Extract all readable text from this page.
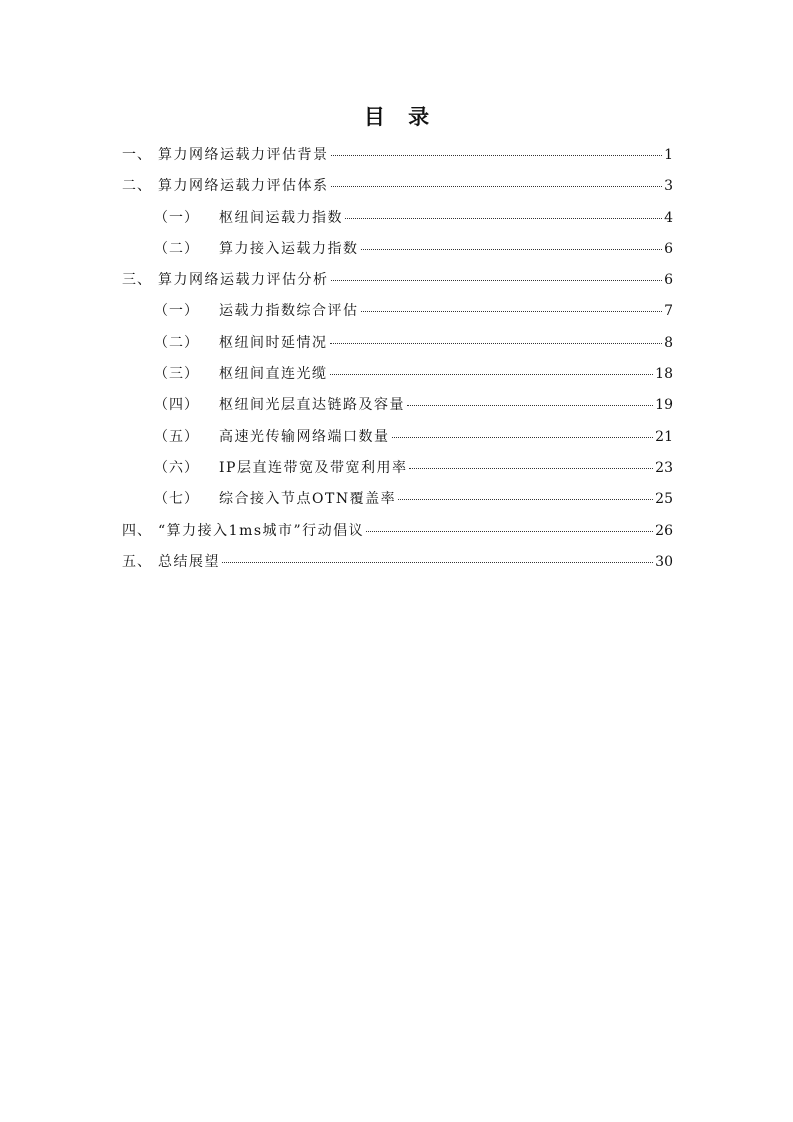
目 录
一、 算力网络运载力评估背景	1
二、 算力网络运载力评估体系	3
（一）	枢纽间运载力指数	4
（二）	算力接入运载力指数	6
三、 算力网络运载力评估分析	6
（一）	运载力指数综合评估	7
（二）	枢纽间时延情况	8
（三）	枢纽间直连光缆	18
（四）	枢纽间光层直达链路及容量	19
（五）	高速光传输网络端口数量	21
（六）	IP层直连带宽及带宽利用率	23
（七）	综合接入节点OTN覆盖率	25
四、 “算力接入1ms城市”行动倡议	26
五、 总结展望	30
